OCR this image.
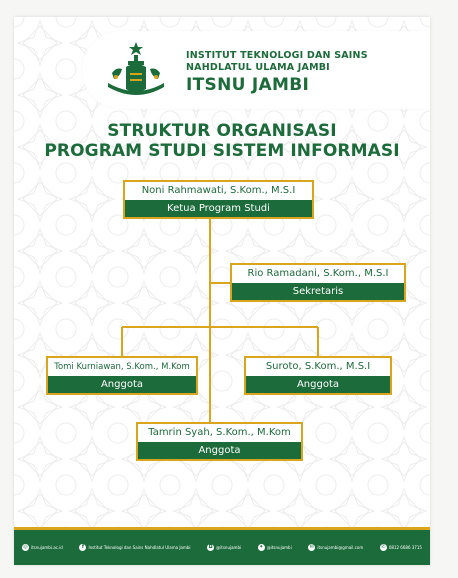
INSTITUT TEKNOLOGI DAN SAINS
NAHDLATUL ULAMA JAMBI
ITSNU JAMBI
STRUKTUR ORGANISASI
PROGRAM STUDI SISTEM INFORMASI
Noni Rahmawati, S.Kom., M.S.I
Ketua Program Studi
Rio Ramadani, S.Kom., M.S.I
Sekretaris
Tomi Kurniawan, S.Kom., M.Kom
Anggota
Suroto, S.Kom., M.S.I
Anggota
Tamrin Syah, S.Kom., M.Kom
Anggota
◎ itsnujambi.ac.id	f	Institut Teknologi dan Sains Nahdlatul Ulama Jambi	◘ @itsnujambi	✦ @itsnujambi	✉ itsnujambi@gmail.com	✆ 0812 6686 3715
